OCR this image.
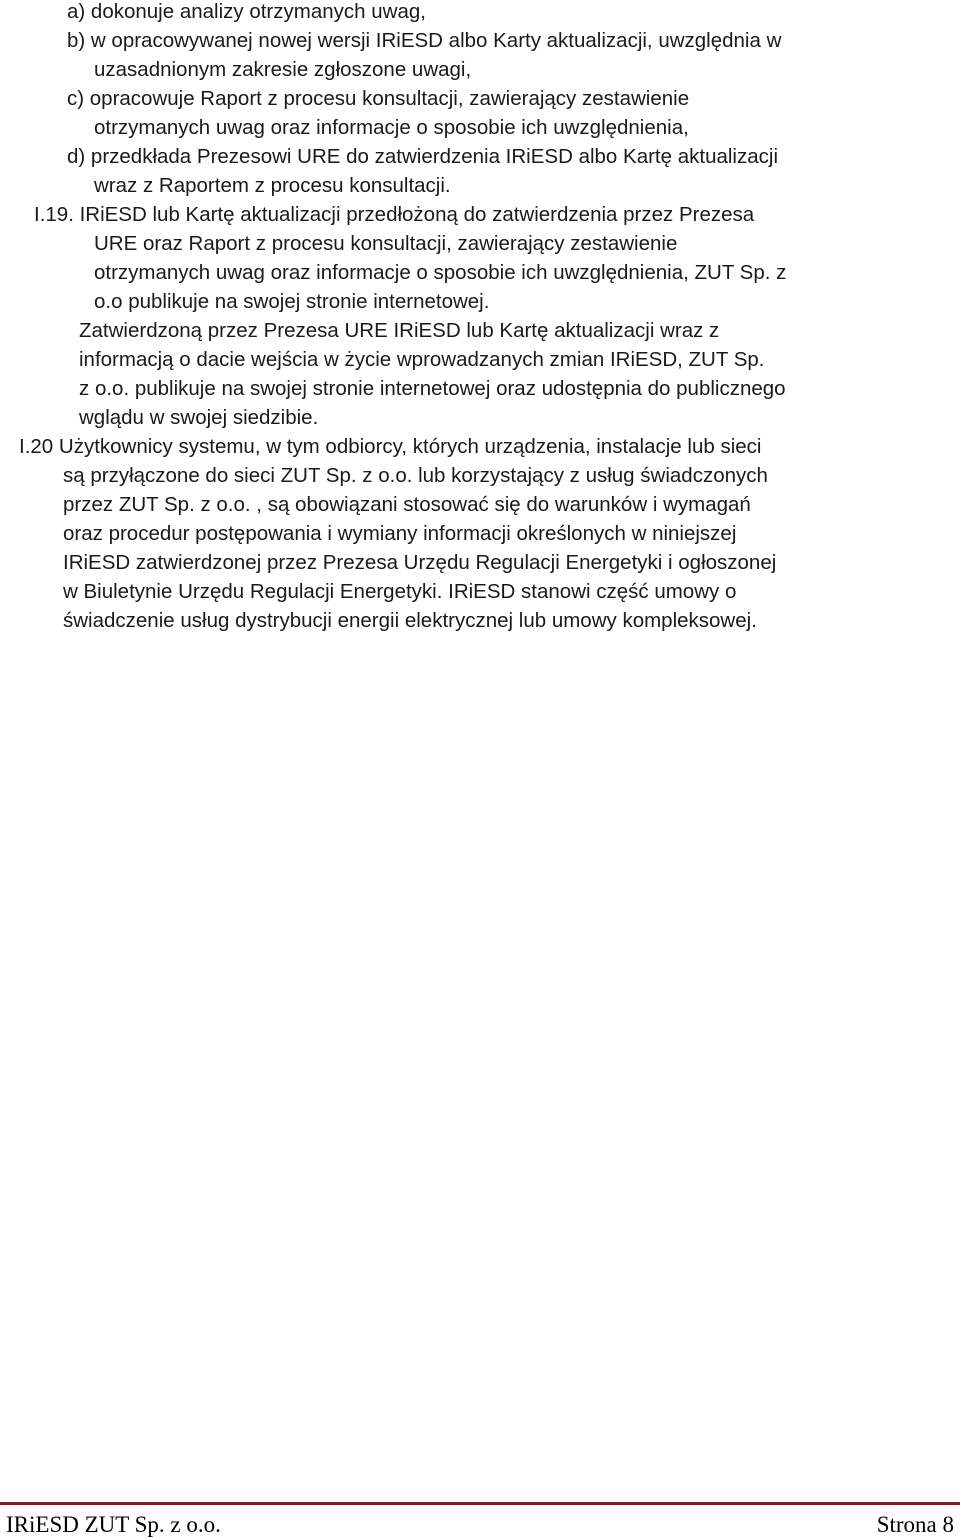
a) dokonuje analizy otrzymanych uwag,
b) w opracowywanej nowej wersji IRiESD albo Karty aktualizacji, uwzględnia w
uzasadnionym zakresie zgłoszone uwagi,
c) opracowuje Raport z procesu konsultacji, zawierający zestawienie
otrzymanych uwag oraz informacje o sposobie ich uwzględnienia,
d) przedkłada Prezesowi URE do zatwierdzenia IRiESD albo Kartę aktualizacji
wraz z Raportem z procesu konsultacji.
I.19. IRiESD lub Kartę aktualizacji przedłożoną do zatwierdzenia przez Prezesa
URE oraz Raport z procesu konsultacji, zawierający zestawienie
otrzymanych uwag oraz informacje o sposobie ich uwzględnienia, ZUT Sp. z
o.o publikuje na swojej stronie internetowej.
Zatwierdzoną przez Prezesa URE IRiESD lub Kartę aktualizacji wraz z
informacją o dacie wejścia w życie wprowadzanych zmian IRiESD, ZUT Sp.
z o.o. publikuje na swojej stronie internetowej oraz udostępnia do publicznego
wglądu w swojej siedzibie.
I.20 Użytkownicy systemu, w tym odbiorcy, których urządzenia, instalacje lub sieci
są przyłączone do sieci ZUT Sp. z o.o. lub korzystający z usług świadczonych
przez ZUT Sp. z o.o. , są obowiązani stosować się do warunków i wymagań
oraz procedur postępowania i wymiany informacji określonych w niniejszej
IRiESD zatwierdzonej przez Prezesa Urzędu Regulacji Energetyki i ogłoszonej
w Biuletynie Urzędu Regulacji Energetyki. IRiESD stanowi część umowy o
świadczenie usług dystrybucji energii elektrycznej lub umowy kompleksowej.
IRiESD ZUT Sp. z o.o.	Strona 8
